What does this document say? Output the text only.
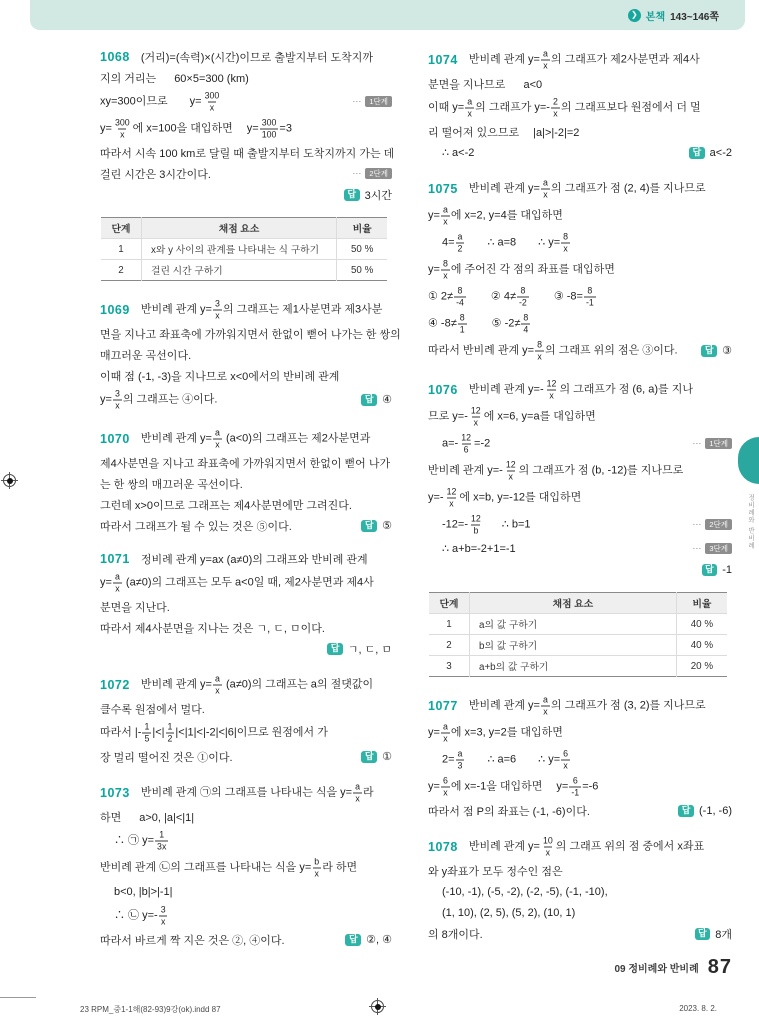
❯ 본책 143~146쪽
1068 (거리)=(속력)×(시간)이므로 출발지부터 도착지까
지의 거리는 60×5=300 (km)
xy=300이므로 $y= \frac{300}{x}$	⋯	1단계
$y= \frac{300}{x}$ 에 x=100을 대입하면 $y= \frac{300}{100} =3$
따라서 시속 100 km로 달릴 때 출발지부터 도착지까지 가는 데
걸린 시간은 3시간이다.	⋯	2단계
답 3시간
단계	채점 요소	비율
1	x와 y 사이의 관계를 나타내는 식 구하기	50 %
2	걸린 시간 구하기	50 %
1069 반비례 관계 $y= \frac{3}{x}$ 의 그래프는 제1사분면과 제3사분
면을 지나고 좌표축에 가까워지면서 한없이 뻗어 나가는 한 쌍의
매끄러운 곡선이다.
이때 점 (-1, -3)을 지나므로 x<0에서의 반비례 관계
$y= \frac{3}{x}$ 의 그래프는 ④이다.	답 ④
1070 반비례 관계 $y= \frac{a}{x} (a<0)$의 그래프는 제2사분면과
제4사분면을 지나고 좌표축에 가까워지면서 한없이 뻗어 나가
는 한 쌍의 매끄러운 곡선이다.
그런데 x>0이므로 그래프는 제4사분면에만 그려진다.
따라서 그래프가 될 수 있는 것은 ⑤이다.	답 ⑤
1071 정비례 관계 y=ax (a≠0)의 그래프와 반비례 관계
$y= \frac{a}{x} (a\ne 0)$의 그래프는 모두 a<0일 때, 제2사분면과 제4사
분면을 지난다.
따라서 제4사분면을 지나는 것은 ㄱ, ㄷ, ㅁ이다.
답 ㄱ, ㄷ, ㅁ
1072 반비례 관계 $y= \frac{a}{x} (a\ne 0)$의 그래프는 a의 절댓값이
클수록 원점에서 멀다.
따라서 |- $\frac{1}{5}$ |<| $\frac{1}{2} |<|1|<|-2|<|6|$이므로 원점에서 가
장 멀리 떨어진 것은 ①이다.	답 ①
1073 반비례 관계 ㉠의 그래프를 나타내는 식을 $y= \frac{a}{x}$ 라
하면 a>0, |a|<|1|
∴ ㉠ $y= \frac{1}{3x}$
반비례 관계 ㉡의 그래프를 나타내는 식을 $y= \frac{b}{x}$ 라 하면
b<0, |b|>|-1|
∴ ㉡ $y=- \frac{3}{x}$
따라서 바르게 짝 지은 것은 ②, ④이다.	답 ②, ④
1074 반비례 관계 $y= \frac{a}{x}$ 의 그래프가 제2사분면과 제4사
분면을 지나므로 a<0
이때 $y= \frac{a}{x}$ 의 그래프가 $y=- \frac{2}{x}$ 의 그래프보다 원점에서 더 멀
리 떨어져 있으므로 |a|>|-2|=2
∴ a<-2	답 a<-2
1075 반비례 관계 $y= \frac{a}{x}$ 의 그래프가 점 (2, 4)를 지나므로
$y= \frac{a}{x}$ 에 x=2, y=4를 대입하면
$4= \frac{a}{2}$ ∴ a=8 ∴ $y= \frac{8}{x}$
$y= \frac{8}{x}$ 에 주어진 각 점의 좌표를 대입하면
① $2\ne \frac{8}{-4}$ ② $4\ne \frac{8}{-2}$ ③ $-8= \frac{8}{-1}$
④ $-8\ne \frac{8}{1}$ ⑤ $-2\ne \frac{8}{4}$
따라서 반비례 관계 $y= \frac{8}{x}$ 의 그래프 위의 점은 ③이다.	답 ③
1076 반비례 관계 $y=- \frac{12}{x}$ 의 그래프가 점 (6, a)를 지나
므로 $y=- \frac{12}{x}$ 에 x=6, y=a를 대입하면
$a=- \frac{12}{6} =-2$	⋯	1단계
반비례 관계 $y=- \frac{12}{x}$ 의 그래프가 점 (b, -12)를 지나므로
$y=- \frac{12}{x}$ 에 x=b, y=-12를 대입하면
$-12=- \frac{12}{b}$ ∴ b=1	⋯	2단계
∴ a+b=-2+1=-1	⋯	3단계
답 -1
단계	채점 요소	비율
1	a의 값 구하기	40 %
2	b의 값 구하기	40 %
3	a+b의 값 구하기	20 %
1077 반비례 관계 $y= \frac{a}{x}$ 의 그래프가 점 (3, 2)를 지나므로
$y= \frac{a}{x}$ 에 x=3, y=2를 대입하면
$2= \frac{a}{3}$ ∴ a=6 ∴ $y= \frac{6}{x}$
$y= \frac{6}{x}$ 에 x=-1을 대입하면 $y= \frac{6}{-1} =-6$
따라서 점 P의 좌표는 (-1, -6)이다.	답 (-1, -6)
1078 반비례 관계 $y= \frac{10}{x}$ 의 그래프 위의 점 중에서 x좌표
와 y좌표가 모두 정수인 점은
(-10, -1), (-5, -2), (-2, -5), (-1, -10),
(1, 10), (2, 5), (5, 2), (10, 1)
의 8개이다.	답 8개
09 정비례와 반비례 87
정비례와 반비례
23 RPM_중1-1해(82-93)9강(ok).indd 87	2023. 8. 2.
